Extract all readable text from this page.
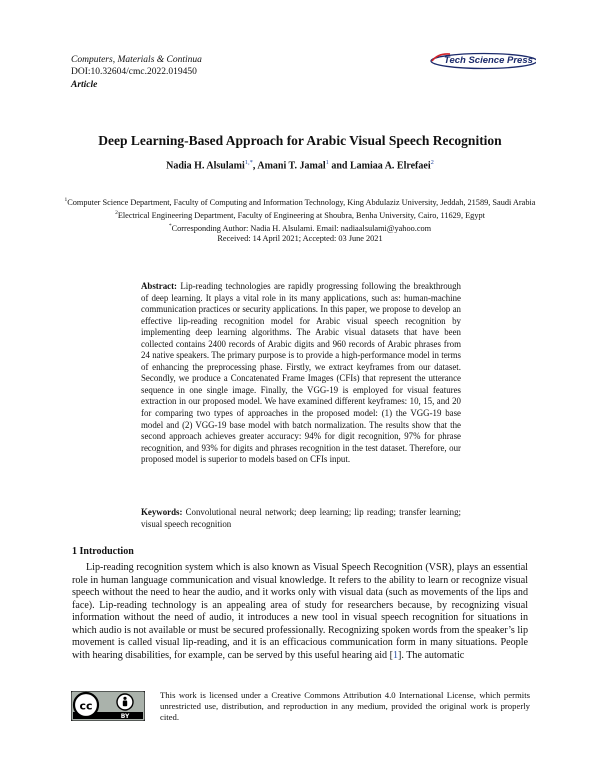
Computers, Materials & Continua
DOI:10.32604/cmc.2022.019450
Article
Tech Science Press
Deep Learning-Based Approach for Arabic Visual Speech Recognition
Nadia H. Alsulami$^{1,*}$, Amani T. Jamal$^1$ and Lamiaa A. Elrefaei$^2$
$^1$Computer Science Department, Faculty of Computing and Information Technology, King Abdulaziz University, Jeddah, 21589, Saudi Arabia
$^2$Electrical Engineering Department, Faculty of Engineering at Shoubra, Benha University, Cairo, 11629, Egypt
*Corresponding Author: Nadia H. Alsulami. Email: nadiaalsulami@yahoo.com
Received: 14 April 2021; Accepted: 03 June 2021
Abstract: Lip-reading technologies are rapidly progressing following the breakthrough of deep learning. It plays a vital role in its many applications, such as: human-machine communication practices or security applications. In this paper, we propose to develop an effective lip-reading recognition model for Arabic visual speech recognition by implementing deep learning algorithms. The Arabic visual datasets that have been collected contains 2400 records of Arabic digits and 960 records of Arabic phrases from 24 native speakers. The primary purpose is to provide a high-performance model in terms of enhancing the preprocessing phase. Firstly, we extract keyframes from our dataset. Secondly, we produce a Concatenated Frame Images (CFIs) that represent the utterance sequence in one single image. Finally, the VGG-19 is employed for visual features extraction in our proposed model. We have examined different keyframes: 10, 15, and 20 for comparing two types of approaches in the proposed model: (1) the VGG-19 base model and (2) VGG-19 base model with batch normalization. The results show that the second approach achieves greater accuracy: 94% for digit recognition, 97% for phrase recognition, and 93% for digits and phrases recognition in the test dataset. Therefore, our proposed model is superior to models based on CFIs input.
Keywords: Convolutional neural network; deep learning; lip reading; transfer learning; visual speech recognition
1 Introduction
Lip-reading recognition system which is also known as Visual Speech Recognition (VSR), plays an essential role in human language communication and visual knowledge. It refers to the ability to learn or recognize visual speech without the need to hear the audio, and it works only with visual data (such as movements of the lips and face). Lip-reading technology is an appealing area of study for researchers because, by recognizing visual information without the need of audio, it introduces a new tool in visual speech recognition for situations in which audio is not available or must be secured professionally. Recognizing spoken words from the speaker’s lip movement is called visual lip-reading, and it is an efficacious communication form in many situations. People with hearing disabilities, for example, can be served by this useful hearing aid [1]. The automatic
cc
BY
This work is licensed under a Creative Commons Attribution 4.0 International License, which permits unrestricted use, distribution, and reproduction in any medium, provided the original work is properly cited.
